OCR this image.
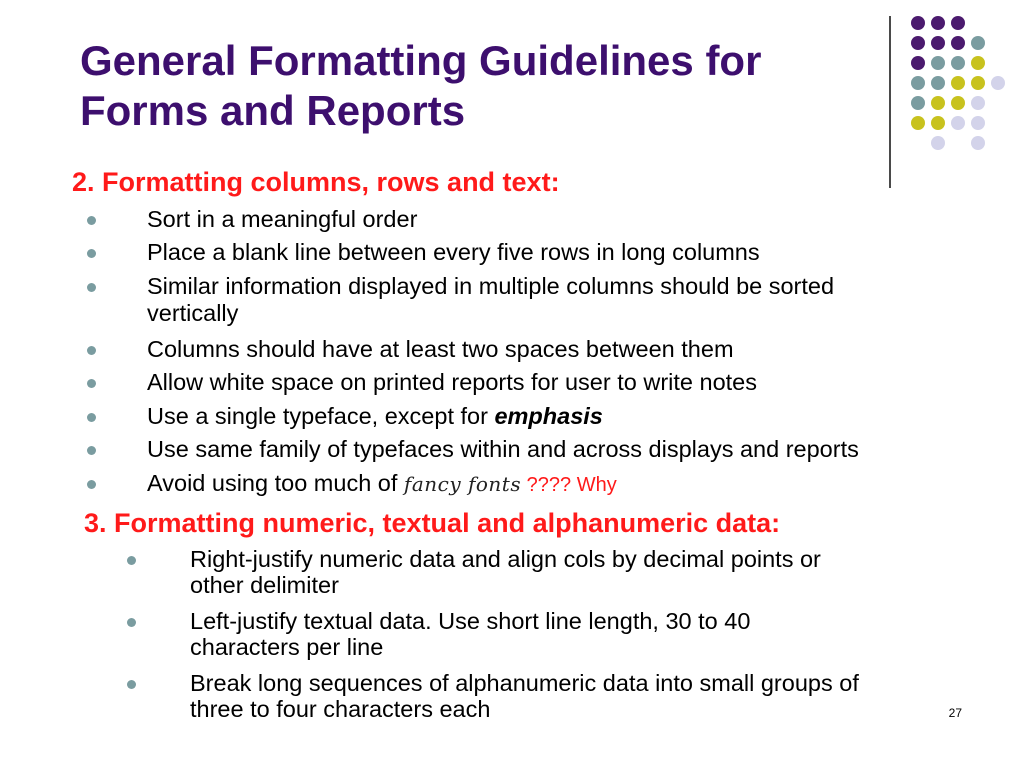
General Formatting Guidelines for
Forms and Reports
2. Formatting columns, rows and text:
Sort in a meaningful order
Place a blank line between every five rows in long columns
Similar information displayed in multiple columns should be sorted
vertically
Columns should have at least two spaces between them
Allow white space on printed reports for user to write notes
Use a single typeface, except for emphasis
Use same family of typefaces within and across displays and reports
Avoid using too much of fancy fonts ???? Why
3. Formatting numeric, textual and alphanumeric data:
Right-justify numeric data and align cols by decimal points or
other delimiter
Left-justify textual data. Use short line length, 30 to 40
characters per line
Break long sequences of alphanumeric data into small groups of
three to four characters each	27
